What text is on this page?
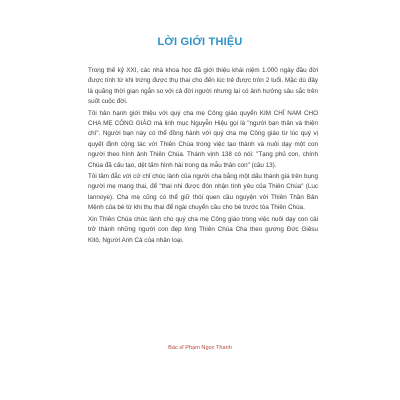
LỜI GIỚI THIỆU

Trong thế kỷ XXI, các nhà khoa học đã giới thiệu khái niệm 1.000 ngày đầu đời được tính từ khi trứng được thụ thai cho đến lúc trẻ được tròn 2 tuổi. Mặc dù đây là quãng thời gian ngắn so với cả đời người nhưng lại có ảnh hưởng sâu sắc trên suốt cuộc đời.

Tôi hân hạnh giới thiệu với quý cha mẹ Công giáo quyển KIM CHỈ NAM CHO CHA MẸ CÔNG GIÁO mà linh mục Nguyễn Hiệu gọi là "người bạn thân và thiện chí". Người bạn này có thể đồng hành với quý cha mẹ Công giáo từ lúc quý vị quyết định cộng tác với Thiên Chúa trong việc tạo thành và nuôi dạy một con người theo hình ảnh Thiên Chúa. Thánh vịnh 138 có nói: "Tạng phủ con, chính Chúa đã cấu tạo, dệt tấm hình hài trong dạ mẫu thân con" (câu 13).

Tôi tâm đắc với cử chỉ chúc lành của người cha bằng một dấu thánh giá trên bụng người mẹ mang thai, để "thai nhi được đón nhận tình yêu của Thiên Chúa" (Luc lannoye). Cha mẹ cũng có thể giữ thói quen cầu nguyện với Thiên Thần Bản Mệnh của bé từ khi thụ thai để ngài chuyển cầu cho bé trước tòa Thiên Chúa.

Xin Thiên Chúa chúc lành cho quý cha mẹ Công giáo trong việc nuôi dạy con cái trở thành những người con đẹp lòng Thiên Chúa Cha theo gương Đức Giêsu Kitô, Người Anh Cả của nhân loại.

Bác sĩ Phạm Ngọc Thanh
